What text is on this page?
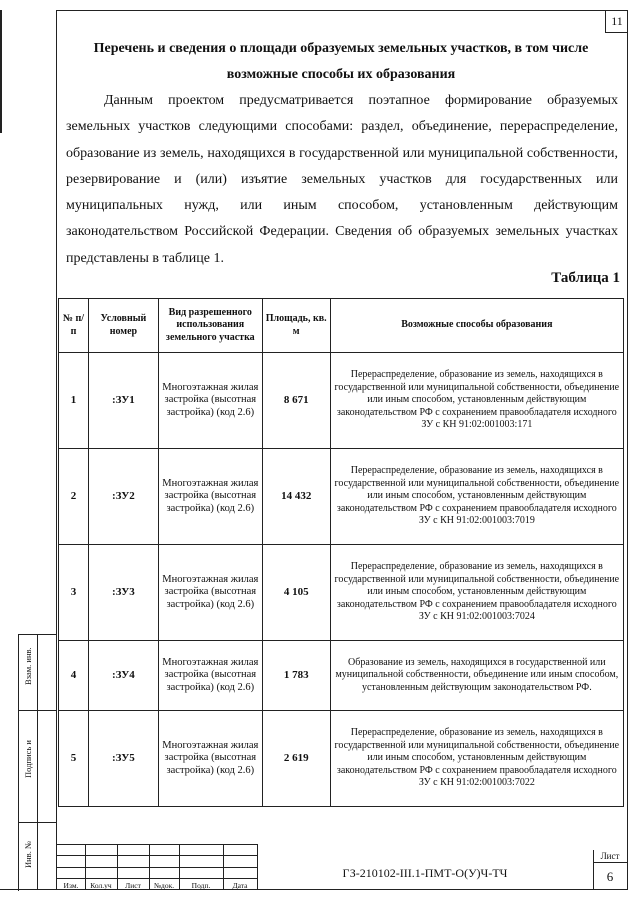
11
Перечень и сведения о площади образуемых земельных участков, в том числе возможные способы их образования
Данным проектом предусматривается поэтапное формирование образуемых земельных участков следующими способами: раздел, объединение, перераспределение, образование из земель, находящихся в государственной или муниципальной собственности, резервирование и (или) изъятие земельных участков для государственных или муниципальных нужд, или иным способом, установленным действующим законодательством Российской Федерации. Сведения об образуемых земельных участках представлены в таблице 1.
Таблица 1
№ п/п	Условный номер	Вид разрешенного использования земельного участка	Площадь, кв. м	Возможные способы образования
1	:ЗУ1	Многоэтажная жилая застройка (высотная застройка) (код 2.6)	8 671	Перераспределение, образование из земель, находящихся в государственной или муниципальной собственности, объединение или иным способом, установленным действующим законодательством РФ с сохранением правообладателя исходного ЗУ с КН 91:02:001003:171
2	:ЗУ2	Многоэтажная жилая застройка (высотная застройка) (код 2.6)	14 432	Перераспределение, образование из земель, находящихся в государственной или муниципальной собственности, объединение или иным способом, установленным действующим законодательством РФ с сохранением правообладателя исходного ЗУ с КН 91:02:001003:7019
3	:ЗУ3	Многоэтажная жилая застройка (высотная застройка) (код 2.6)	4 105	Перераспределение, образование из земель, находящихся в государственной или муниципальной собственности, объединение или иным способом, установленным действующим законодательством РФ с сохранением правообладателя исходного ЗУ с КН 91:02:001003:7024
4	:ЗУ4	Многоэтажная жилая застройка (высотная застройка) (код 2.6)	1 783	Образование из земель, находящихся в государственной или муниципальной собственности, объединение или иным способом, установленным действующим законодательством РФ.
5	:ЗУ5	Многоэтажная жилая застройка (высотная застройка) (код 2.6)	2 619	Перераспределение, образование из земель, находящихся в государственной или муниципальной собственности, объединение или иным способом, установленным действующим законодательством РФ с сохранением правообладателя исходного ЗУ с КН 91:02:001003:7022
Взам. инв.
Подпись и
Инв. №
Изм.	Кол.уч	Лист	№док.	Подп.	Дата
ГЗ-210102-III.1-ПМТ-О(У)Ч-ТЧ
Лист
6
